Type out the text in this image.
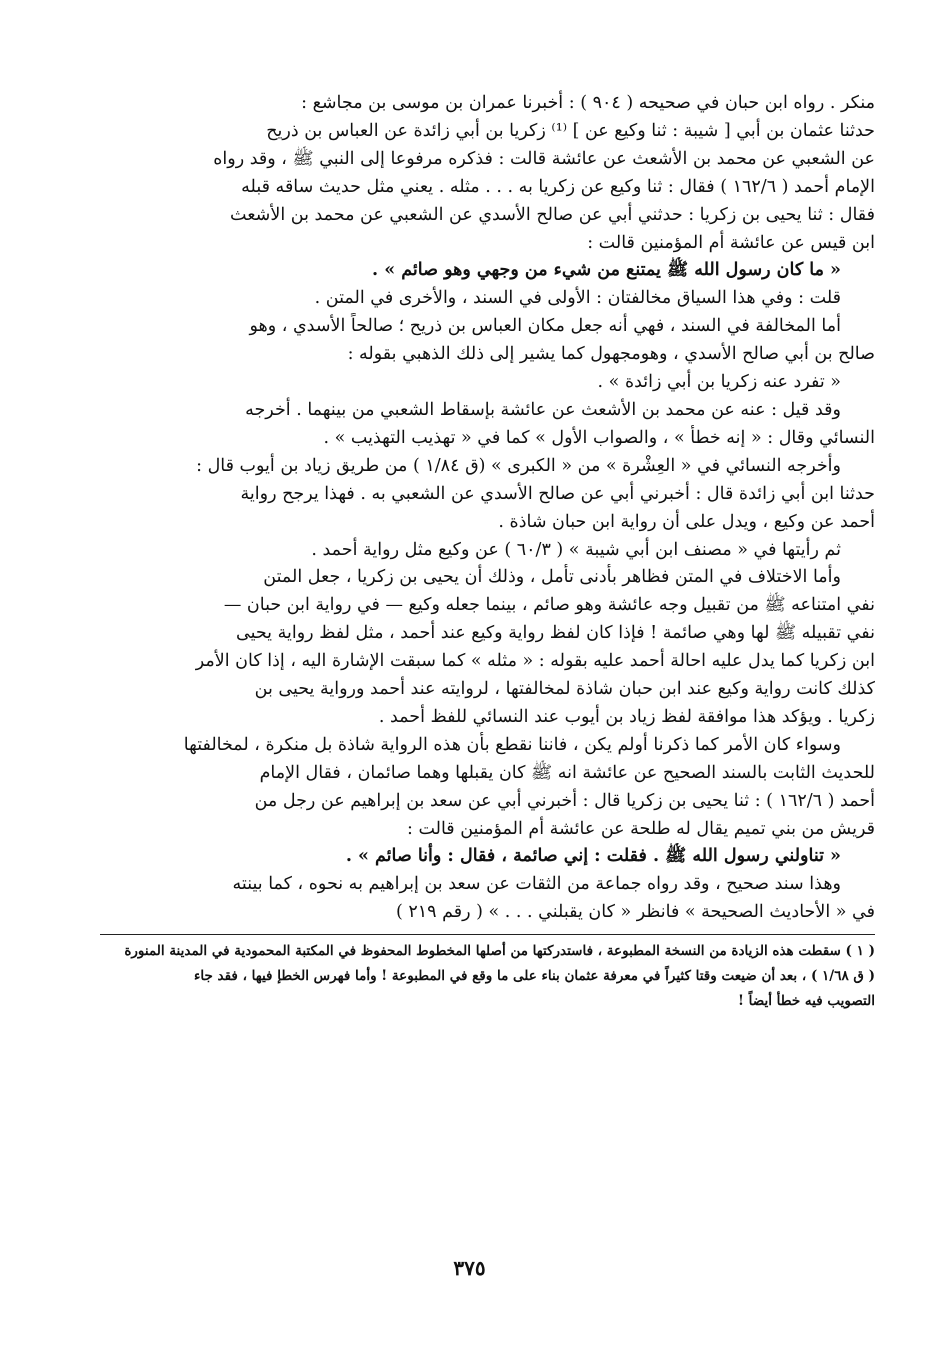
منكر . رواه ابن حبان في صحيحه ( ٩٠٤ ) : أخبرنا عمران بن موسى بن مجاشع :
حدثنا عثمان بن أبي [ شيبة : ثنا وكيع عن ] ⁽¹⁾ زكريا بن أبي زائدة عن العباس بن ذريح
عن الشعبي عن محمد بن الأشعث عن عائشة قالت : فذكره مرفوعا إلى النبي ﷺ ، وقد رواه
الإمام أحمد ( ١٦٢/٦ ) فقال : ثنا وكيع عن زكريا به . . . مثله . يعني مثل حديث ساقه قبله
فقال : ثنا يحيى بن زكريا : حدثني أبي عن صالح الأسدي عن الشعبي عن محمد بن الأشعث
ابن قيس عن عائشة أم المؤمنين قالت :
« ما كان رسول الله ﷺ يمتنع من شيء من وجهي وهو صائم » .
قلت : وفي هذا السياق مخالفتان : الأولى في السند ، والأخرى في المتن .
أما المخالفة في السند ، فهي أنه جعل مكان العباس بن ذريح ؛ صالحاً الأسدي ، وهو
صالح بن أبي صالح الأسدي ، وهومجهول كما يشير إلى ذلك الذهبي بقوله :
« تفرد عنه زكريا بن أبي زائدة » .
وقد قيل : عنه عن محمد بن الأشعث عن عائشة بإسقاط الشعبي من بينهما . أخرجه
النسائي وقال : « إنه خطأ » ، والصواب الأول » كما في « تهذيب التهذيب » .
وأخرجه النسائي في « العِشْرة » من « الكبرى » (ق ١/٨٤ ) من طريق زياد بن أيوب قال :
حدثنا ابن أبي زائدة قال : أخبرني أبي عن صالح الأسدي عن الشعبي به . فهذا يرجح رواية
أحمد عن وكيع ، ويدل على أن رواية ابن حبان شاذة .
ثم رأيتها في « مصنف ابن أبي شيبة » ( ٦٠/٣ ) عن وكيع مثل رواية أحمد .
وأما الاختلاف في المتن فظاهر بأدنى تأمل ، وذلك أن يحيى بن زكريا ، جعل المتن
نفي امتناعه ﷺ من تقبيل وجه عائشة وهو صائم ، بينما جعله وكيع — في رواية ابن حبان —
نفي تقبيله ﷺ لها وهي صائمة ! فإذا كان لفظ رواية وكيع عند أحمد ، مثل لفظ رواية يحيى
ابن زكريا كما يدل عليه احالة أحمد عليه بقوله : « مثله » كما سبقت الإشارة اليه ، إذا كان الأمر
كذلك كانت رواية وكيع عند ابن حبان شاذة لمخالفتها ، لروايته عند أحمد ورواية يحيى بن
زكريا . ويؤكد هذا موافقة لفظ زياد بن أيوب عند النسائي للفظ أحمد .
وسواء كان الأمر كما ذكرنا أولم يكن ، فاننا نقطع بأن هذه الرواية شاذة بل منكرة ، لمخالفتها
للحديث الثابت بالسند الصحيح عن عائشة انه ﷺ كان يقبلها وهما صائمان ، فقال الإمام
أحمد ( ١٦٢/٦ ) : ثنا يحيى بن زكريا قال : أخبرني أبي عن سعد بن إبراهيم عن رجل من
قريش من بني تميم يقال له طلحة عن عائشة أم المؤمنين قالت :
« تناولني رسول الله ﷺ . فقلت : إني صائمة ، فقال : وأنا صائم » .
وهذا سند صحيح ، وقد رواه جماعة من الثقات عن سعد بن إبراهيم به نحوه ، كما بينته
في « الأحاديث الصحيحة » فانظر « كان يقبلني . . . » ( رقم ٢١٩ )
( ١ ) سقطت هذه الزيادة من النسخة المطبوعة ، فاستدركتها من أصلها المخطوط المحفوظ في المكتبة المحمودية في المدينة المنورة
( ق ١/٦٨ ) ، بعد أن ضيعت وقتا كثيراً في معرفة عثمان بناء على ما وقع في المطبوعة ! وأما فهرس الخطإ فيها ، فقد جاء
التصويب فيه خطأ أيضاً !
٣٧٥
